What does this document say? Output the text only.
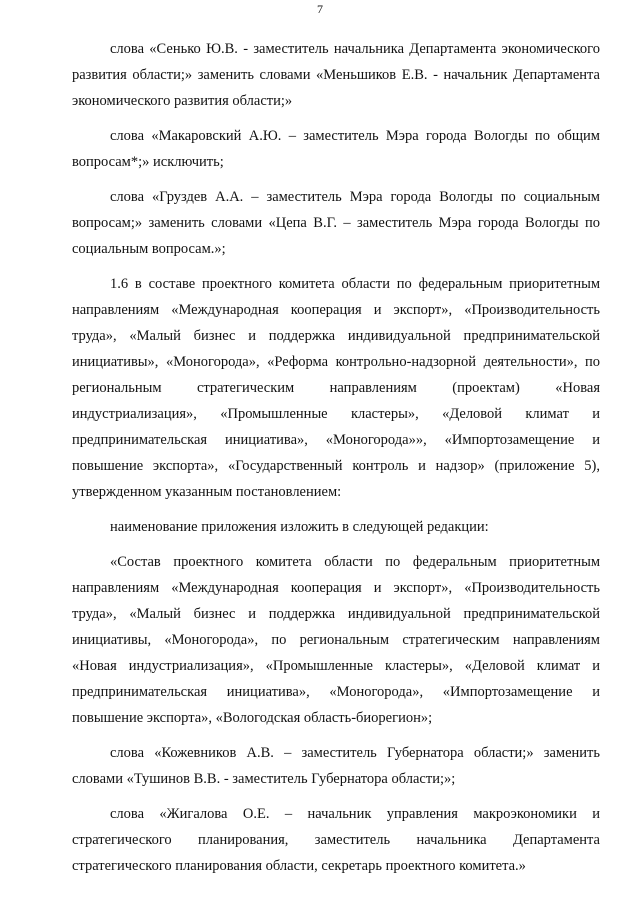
7

слова «Сенько Ю.В. - заместитель начальника Департамента экономического развития области;» заменить словами «Меньшиков Е.В. - начальник Департамента экономического развития области;»

слова «Макаровский А.Ю. – заместитель Мэра города Вологды по общим вопросам*;» исключить;

слова «Груздев А.А. – заместитель Мэра города Вологды по социальным вопросам;» заменить словами «Цепа В.Г. – заместитель Мэра города Вологды по социальным вопросам.»;

1.6 в составе проектного комитета области по федеральным приоритетным направлениям «Международная кооперация и экспорт», «Производительность труда», «Малый бизнес и поддержка индивидуальной предпринимательской инициативы», «Моногорода», «Реформа контрольно-надзорной деятельности», по региональным стратегическим направлениям (проектам) «Новая индустриализация», «Промышленные кластеры», «Деловой климат и предпринимательская инициатива», «Моногорода»», «Импортозамещение и повышение экспорта», «Государственный контроль и надзор» (приложение 5), утвержденном указанным постановлением:

наименование приложения изложить в следующей редакции:

«Состав проектного комитета области по федеральным приоритетным направлениям «Международная кооперация и экспорт», «Производительность труда», «Малый бизнес и поддержка индивидуальной предпринимательской инициативы, «Моногорода», по региональным стратегическим направлениям «Новая индустриализация», «Промышленные кластеры», «Деловой климат и предпринимательская инициатива», «Моногорода», «Импортозамещение и повышение экспорта», «Вологодская область-биорегион»;

слова «Кожевников А.В. – заместитель Губернатора области;» заменить словами «Тушинов В.В. - заместитель Губернатора области;»;

слова «Жигалова О.Е. – начальник управления макроэкономики и стратегического планирования, заместитель начальника Департамента стратегического планирования области, секретарь проектного комитета.»
